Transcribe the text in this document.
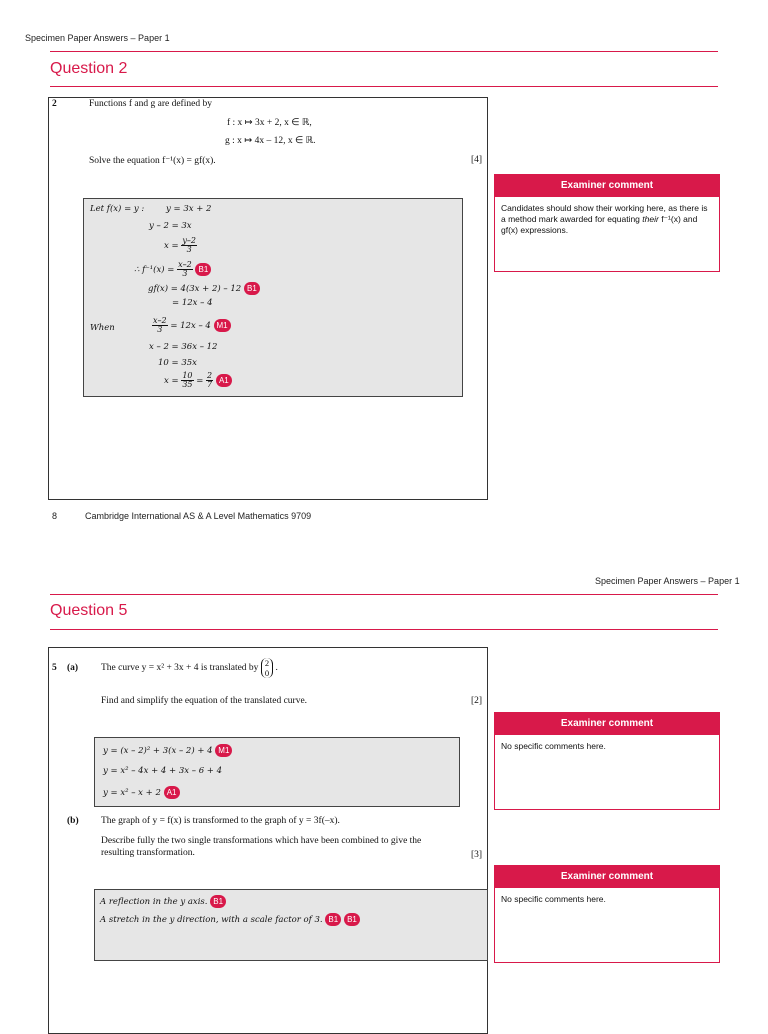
Specimen Paper Answers – Paper 1
Question 2
2	Functions f and g are defined by
f : x ↦ 3x + 2, x ∈ ℝ,
g : x ↦ 4x – 12, x ∈ ℝ.
Solve the equation f⁻¹(x) = gf(x).	[4]
Let f(x) = y :	y = 3x + 2
y – 2 = 3x
$x = \frac{y-2}{3}$
∴ $f^{-1}(x) = \frac{x-2}{3} B1$
gf(x) = 4(3x + 2) – 12 B1
= 12x – 4
When	$\frac{x-2}{3} = 12x - 4$ M1
x – 2 = 36x – 12
10 = 35x
$x = \frac{10}{35} = \frac{2}{7} A1$
Examiner comment
Candidates should show their working here, as there is a method mark awarded for equating their f⁻¹(x) and gf(x) expressions.
8	Cambridge International AS & A Level Mathematics 9709
Specimen Paper Answers – Paper 1
Question 5
5 (a) The curve y = x² + 3x + 4 is translated by 2
0 .
Find and simplify the equation of the translated curve.	[2]
y = (x – 2)² + 3(x – 2) + 4 M1
y = x² – 4x + 4 + 3x – 6 + 4
y = x² – x + 2 A1
(b) The graph of y = f(x) is transformed to the graph of y = 3f(–x).
Describe fully the two single transformations which have been combined to give the resulting transformation.	[3]
A reflection in the y axis. B1
A stretch in the y direction, with a scale factor of 3. B1 B1
Examiner comment
No specific comments here.
Examiner comment
No specific comments here.
